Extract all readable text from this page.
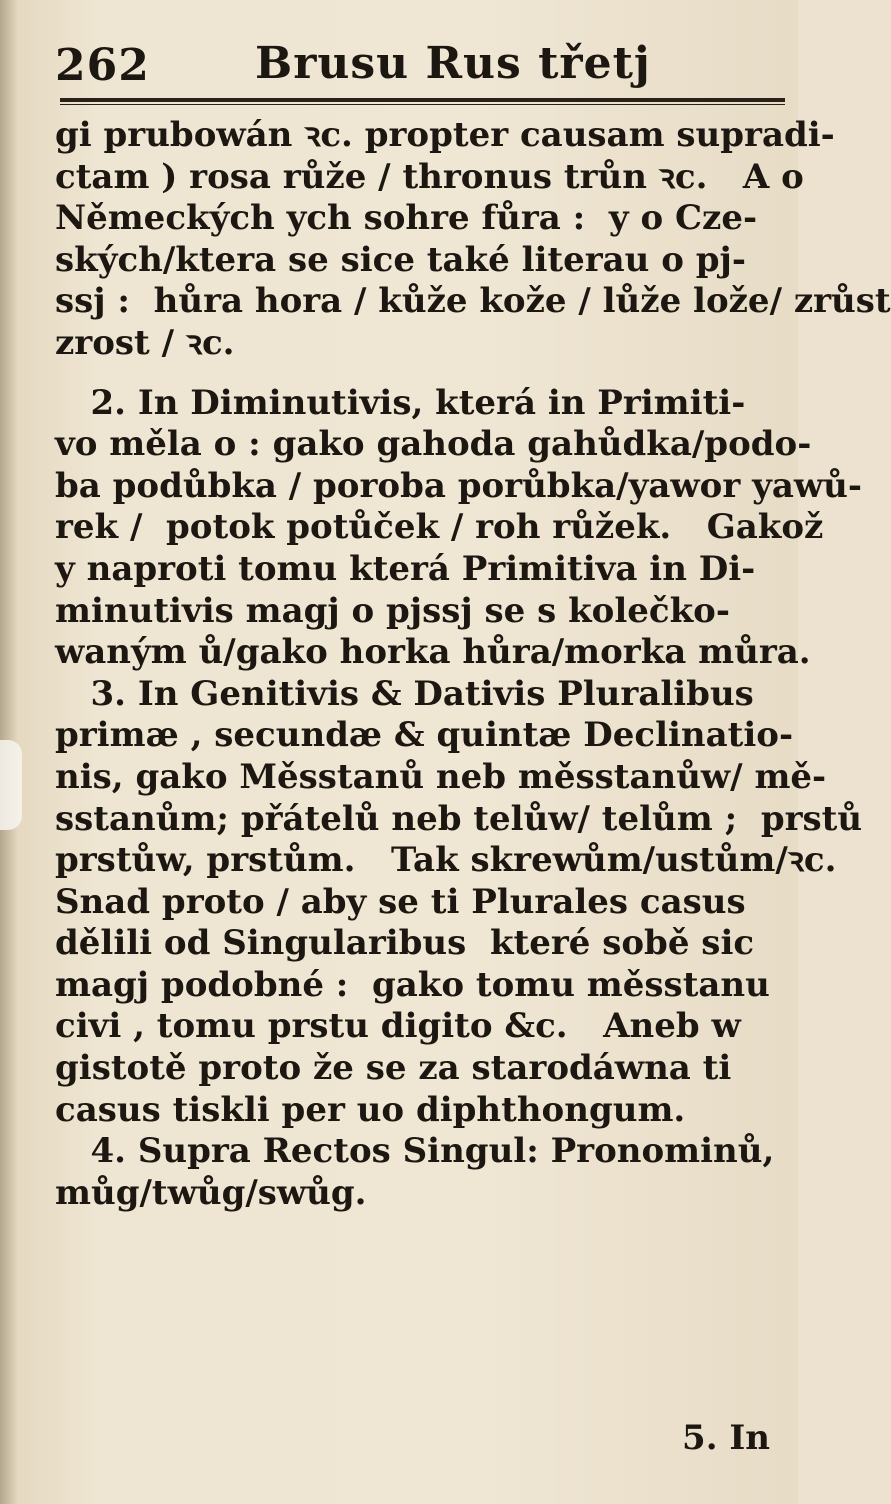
262 Brusu Rus třetj
gi prubowán ꝛc. propter causam supradi-
ctam ) rosa růže / thronus trůn ꝛc.   A o
Německých ych sohre fůra :  y o Cze-
ských/ktera se sice také literau o pj-
ssj :  hůra hora / kůže kože / lůže lože/ zrůst
zrost / ꝛc.
2. In Diminutivis, která in Primiti-
vo měla o : gako gahoda gahůdka/podo-
ba podůbka / poroba porůbka/yawor yawů-
rek /  potok potůček / roh růžek.   Gakož
y naproti tomu která Primitiva in Di-
minutivis magj o pjssj se s kolečko-
waným ů/gako horka hůra/morka můra.
3. In Genitivis & Dativis Pluralibus
primæ , secundæ & quintæ Declinatio-
nis, gako Měsstanů neb měsstanůw/ mě-
sstanům; přátelů neb telůw/ telům ;  prstů
prstůw, prstům.   Tak skrewům/ustům/ꝛc.
Snad proto / aby se ti Plurales casus
dělili od Singularibus  které sobě sic
magj podobné :  gako tomu měsstanu
civi , tomu prstu digito &c.   Aneb w
gistotě proto že se za starodáwna ti
casus tiskli per uo diphthongum.
4. Supra Rectos Singul: Pronominů,
můg/twůg/swůg.
5. In
